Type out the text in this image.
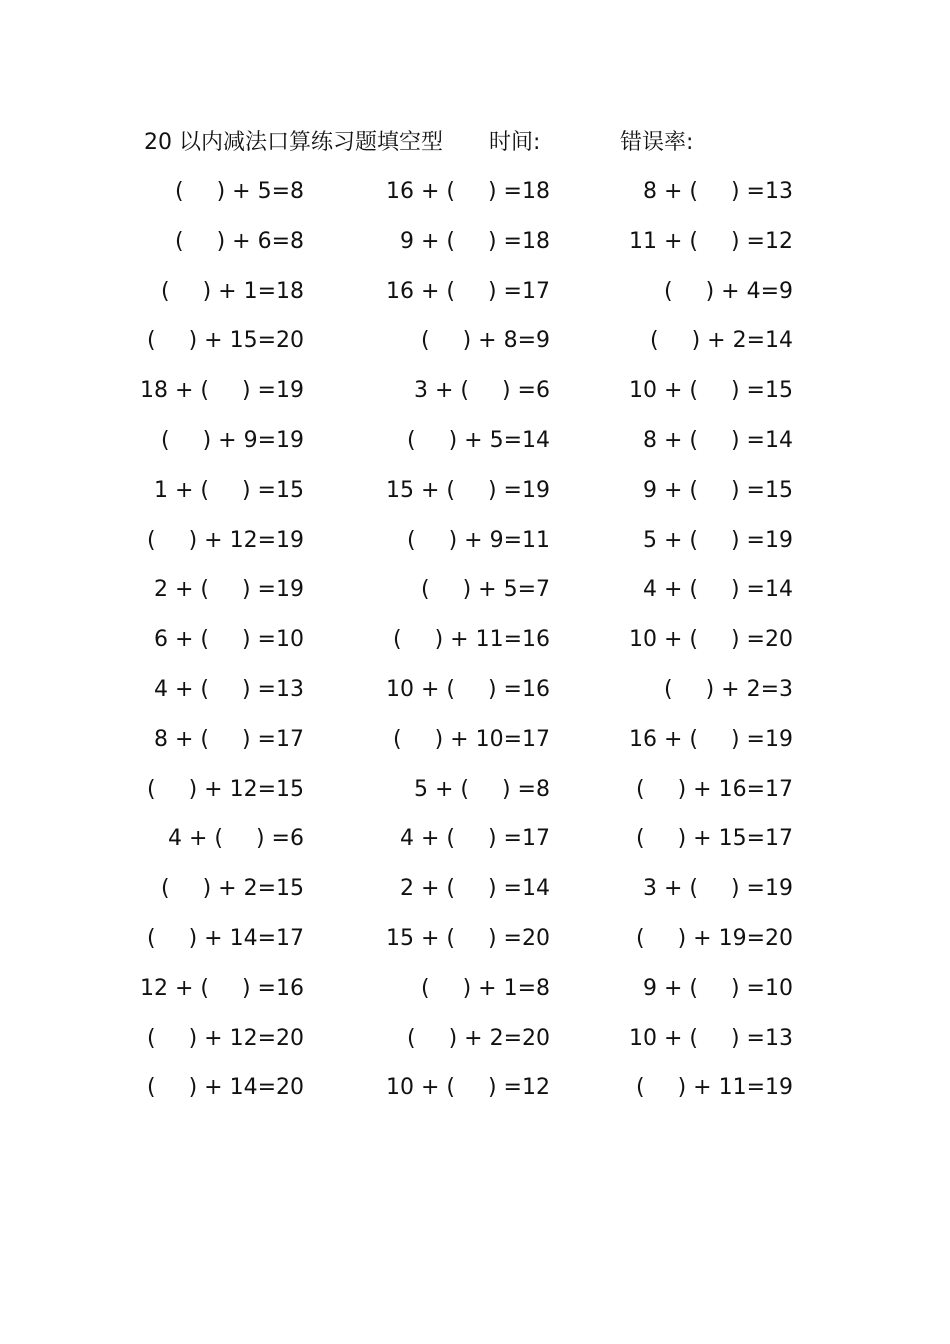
20 以内减法口算练习题填空型 时间:	错误率:
(  ) + 5=8	16 + (  ) =18	8 + (  ) =13
(  ) + 6=8	9 + (  ) =18	11 + (  ) =12
(  ) + 1=18	16 + (  ) =17	(  ) + 4=9
(  ) + 15=20	(  ) + 8=9	(  ) + 2=14
18 + (  ) =19	3 + (  ) =6	10 + (  ) =15
(  ) + 9=19	(  ) + 5=14	8 + (  ) =14
1 + (  ) =15	15 + (  ) =19	9 + (  ) =15
(  ) + 12=19	(  ) + 9=11	5 + (  ) =19
2 + (  ) =19	(  ) + 5=7	4 + (  ) =14
6 + (  ) =10	(  ) + 11=16	10 + (  ) =20
4 + (  ) =13	10 + (  ) =16	(  ) + 2=3
8 + (  ) =17	(  ) + 10=17	16 + (  ) =19
(  ) + 12=15	5 + (  ) =8	(  ) + 16=17
4 + (  ) =6	4 + (  ) =17	(  ) + 15=17
(  ) + 2=15	2 + (  ) =14	3 + (  ) =19
(  ) + 14=17	15 + (  ) =20	(  ) + 19=20
12 + (  ) =16	(  ) + 1=8	9 + (  ) =10
(  ) + 12=20	(  ) + 2=20	10 + (  ) =13
(  ) + 14=20	10 + (  ) =12	(  ) + 11=19
